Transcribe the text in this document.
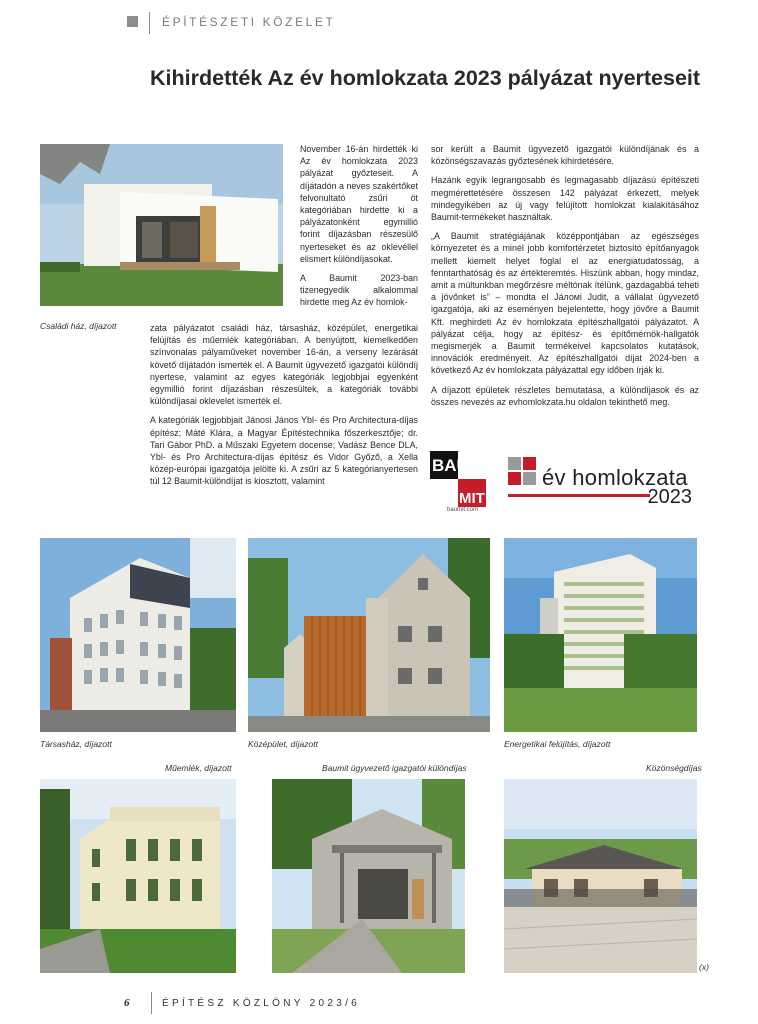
ÉPÍTÉSZETI KÖZELET
Kihirdették Az év homlokzata 2023 pályázat nyerteseit
Családi ház, díjazott

November 16-án hirdették ki Az év homlokzata 2023 pályázat győzteseit. A díjátadón a neves szakértőket felvonultató zsűri öt kategóriában hirdette ki a pályázatonként egymillió forint díjazásban részesülő nyerteseket és az oklevéllel elismert különdíjasokat.

A Baumit 2023-ban tizenegyedik alkalommal hirdette meg Az év homlok-

zata pályázatot családi ház, társasház, középület, energetikai felújítás és műemlék kategóriában. A benyújtott, kiemelkedően színvonalas pályaműveket november 16-án, a verseny lezárását követő díjátadón ismerték el. A Baumit ügyvezető igazgatói különdíj nyertese, valamint az egyes kategóriák legjobbjai egyenként egymillió forint díjazásban részesültek, a kategóriák további különdíjasai oklevelet ismerték el.

A kategóriák legjobbjait Jánosi János Ybl- és Pro Architectura-díjas építész; Máté Klára, a Magyar Építéstechnika főszerkesztője; dr. Tari Gábor PhD. a Műszaki Egyetem docense; Vadász Bence DLA, Ybl- és Pro Architectura-díjas építész és Vidor Győző, a Xella közép-európai igazgatója jelölte ki. A zsűri az 5 kategórianyertesen túl 12 Baumit-különdíjat is kiosztott, valamint

sor került a Baumit ügyvezető igazgatói különdíjának és a közönségszavazás győztesének kihirdetésére.

Hazánk egyik legrangosabb és legmagasabb díjazású építészeti megmérettetésére összesen 142 pályázat érkezett, melyek mindegyikében az új vagy felújított homlokzat kialakításához Baumit-termékeket használtak.

„A Baumit stratégiájának középpontjában az egészséges környezetet és a minél jobb komfortérzetet biztosító építőanyagok mellett kiemelt helyet foglal el az energiatudatosság, a fenntarthatóság és az értékteremtés. Hiszünk abban, hogy mindaz, amit a múltunkban megőrzésre méltónak ítélünk, gazdagabbá teheti a jövőnket is” – mondta el Jáломi Judit, a vállalat ügyvezető igazgatója, aki az eseményen bejelentette, hogy jövőre a Baumit Kft. meghirdeti Az év homlokzata építészhallgatói pályázatot. A pályázat célja, hogy az építész- és építőmérnök-hallgatók megismerjék a Baumit termékeivel kapcsolatos kutatások, innovációk eredményeit. Az építészhallgatói díjat 2024-ben a következő Az év homlokzata pályázattal egy időben írják ki.

A díjazott épületek részletes bemutatása, a különdíjasok és az összes nevezés az evhomlokzata.hu oldalon tekinthető meg.

BAU
MIT
baumit.com
év homlokzata
2023
Társasház, díjazott	Középület, díjazott	Energetikai felújítás, díjazott
Műemlék, díjazott	Baumit ügyvezető igazgatói különdíjas	Közönségdíjas
(x)
6	ÉPÍTÉSZ KÖZLÖNY 2023/6
